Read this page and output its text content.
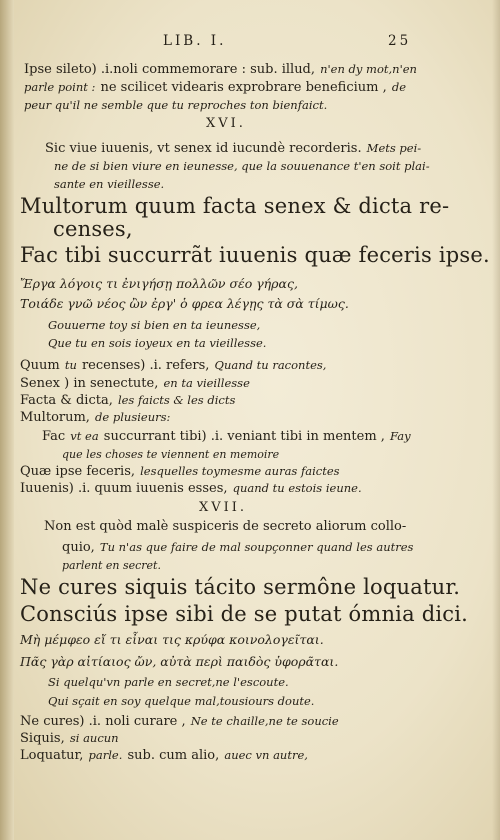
LIB. I.	25
Ipse sileto) .i.noli commemorare : sub. illud, n'en dy mot,n'en
parle point : ne scilicet videaris exprobrare beneficium , de
peur qu'il ne semble que tu reproches ton bienfaict.
XVI.
Sic viue iuuenis, vt senex id iucundè recorderis. Mets pei-
ne de si bien viure en ieunesse, que la souuenance t'en soit plai-
sante en vieillesse.
Multorum quum facta senex & dicta re-
censes,
Fac tibi succurrãt iuuenis quæ feceris ipse.
Ἔργα λόγοις τι ἐνιγήσῃ πολλῶν σέο γήρας,
Τοιάδε γνῶ νέος ὢν ἐργ' ὁ φρεα λέγῃς τὰ σὰ τίμως.
Gouuerne toy si bien en ta ieunesse,
Que tu en sois ioyeux en ta vieillesse.
Quum tu recenses) .i. refers, Quand tu racontes,
Senex ) in senectute, en ta vieillesse
Facta & dicta, les faicts & les dicts
Multorum, de plusieurs:
Fac vt ea succurrant tibi) .i. veniant tibi in mentem , Fay
que les choses te viennent en memoire
Quæ ipse feceris, lesquelles toymesme auras faictes
Iuuenis) .i. quum iuuenis esses, quand tu estois ieune.
XVII.
Non est quòd malè suspiceris de secreto aliorum collo-
quio, Tu n'as que faire de mal soupçonner quand les autres
parlent en secret.
Ne cures siquis tácito sermône loquatur.
Consciús ipse sibi de se putat ómnia dici.
Μὴ μέμφεο εἴ τι εἶναι τις κρύφα κοινολογεῖται.
Πᾶς γὰρ αἰτίαιος ὤν, αὐτὰ περὶ παιδὸς ὑφορᾶται.
Si quelqu'vn parle en secret,ne l'escoute.
Qui sçait en soy quelque mal,tousiours doute.
Ne cures) .i. noli curare , Ne te chaille,ne te soucie
Siquis, si aucun
Loquatur, parle. sub. cum alio, auec vn autre,
